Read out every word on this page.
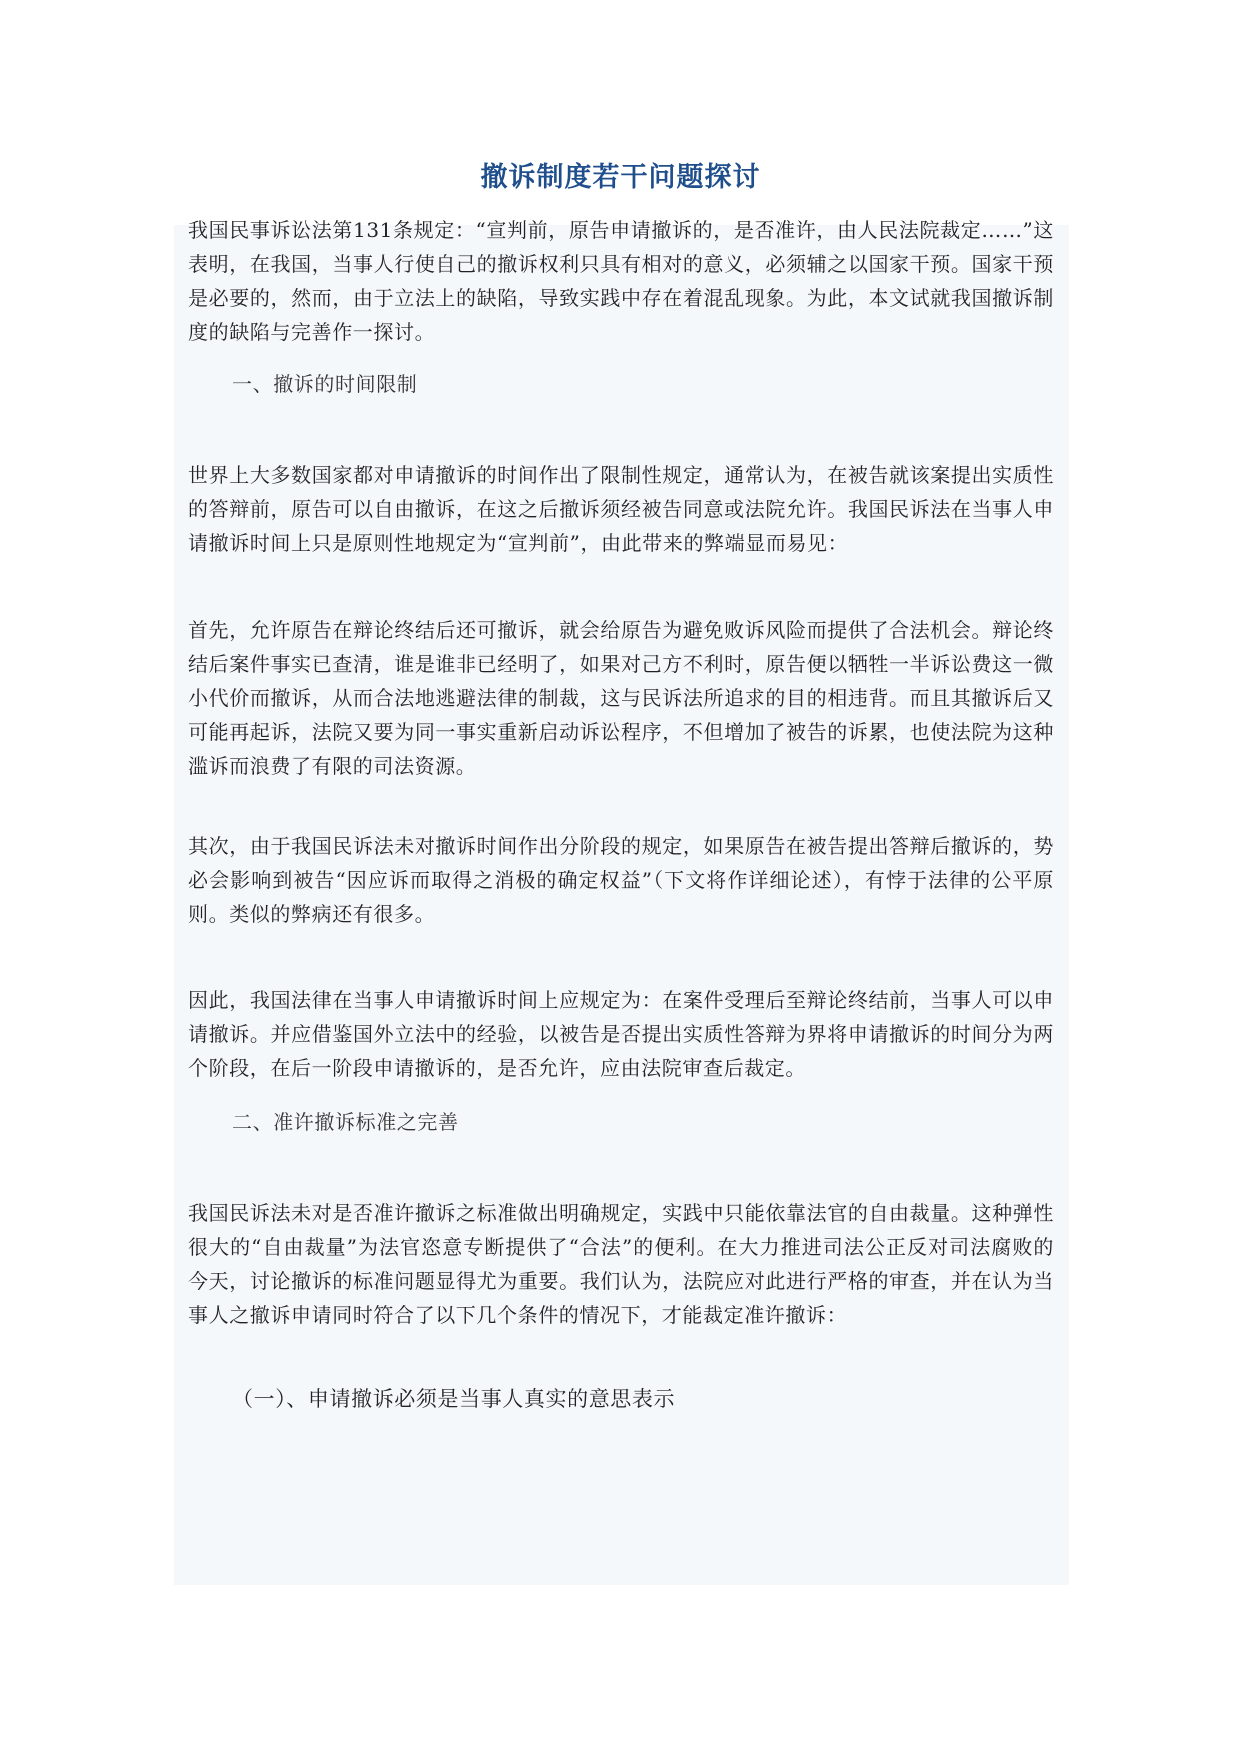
撤诉制度若干问题探讨

我国民事诉讼法第131条规定：“宣判前，原告申请撤诉的，是否准许，由人民法院裁定……”这表明，在我国，当事人行使自己的撤诉权利只具有相对的意义，必须辅之以国家干预。国家干预是必要的，然而，由于立法上的缺陷，导致实践中存在着混乱现象。为此，本文试就我国撤诉制度的缺陷与完善作一探讨。

一、撤诉的时间限制

世界上大多数国家都对申请撤诉的时间作出了限制性规定，通常认为，在被告就该案提出实质性的答辩前，原告可以自由撤诉，在这之后撤诉须经被告同意或法院允许。我国民诉法在当事人申请撤诉时间上只是原则性地规定为“宣判前”，由此带来的弊端显而易见：

首先，允许原告在辩论终结后还可撤诉，就会给原告为避免败诉风险而提供了合法机会。辩论终结后案件事实已查清，谁是谁非已经明了，如果对己方不利时，原告便以牺牲一半诉讼费这一微小代价而撤诉，从而合法地逃避法律的制裁，这与民诉法所追求的目的相违背。而且其撤诉后又可能再起诉，法院又要为同一事实重新启动诉讼程序，不但增加了被告的诉累，也使法院为这种滥诉而浪费了有限的司法资源。

其次，由于我国民诉法未对撤诉时间作出分阶段的规定，如果原告在被告提出答辩后撤诉的，势必会影响到被告“因应诉而取得之消极的确定权益”（下文将作详细论述），有悖于法律的公平原则。类似的弊病还有很多。

因此，我国法律在当事人申请撤诉时间上应规定为：在案件受理后至辩论终结前，当事人可以申请撤诉。并应借鉴国外立法中的经验，以被告是否提出实质性答辩为界将申请撤诉的时间分为两个阶段，在后一阶段申请撤诉的，是否允许，应由法院审查后裁定。

二、准许撤诉标准之完善

我国民诉法未对是否准许撤诉之标准做出明确规定，实践中只能依靠法官的自由裁量。这种弹性很大的“自由裁量”为法官恣意专断提供了“合法”的便利。在大力推进司法公正反对司法腐败的今天，讨论撤诉的标准问题显得尤为重要。我们认为，法院应对此进行严格的审查，并在认为当事人之撤诉申请同时符合了以下几个条件的情况下，才能裁定准许撤诉：

（一）、申请撤诉必须是当事人真实的意思表示
